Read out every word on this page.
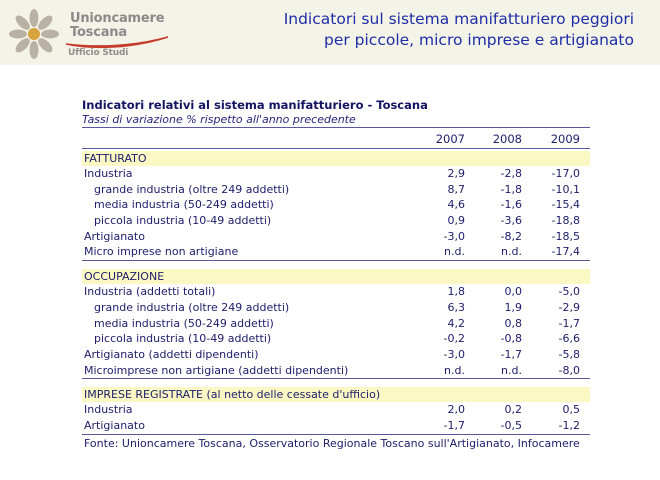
Unioncamere
Toscana
Ufficio Studi
Indicatori sul sistema manifatturiero peggiori
per piccole, micro imprese e artigianato
Indicatori relativi al sistema manifatturiero - Toscana
Tassi di variazione % rispetto all'anno precedente
2007	2008	2009
FATTURATO
Industria	2,9	-2,8	-17,0
grande industria (oltre 249 addetti)	8,7	-1,8	-10,1
media industria (50-249 addetti)	4,6	-1,6	-15,4
piccola industria (10-49 addetti)	0,9	-3,6	-18,8
Artigianato	-3,0	-8,2	-18,5
Micro imprese non artigiane	n.d.	n.d.	-17,4
OCCUPAZIONE
Industria (addetti totali)	1,8	0,0	-5,0
grande industria (oltre 249 addetti)	6,3	1,9	-2,9
media industria (50-249 addetti)	4,2	0,8	-1,7
piccola industria (10-49 addetti)	-0,2	-0,8	-6,6
Artigianato (addetti dipendenti)	-3,0	-1,7	-5,8
Microimprese non artigiane (addetti dipendenti)	n.d.	n.d.	-8,0
IMPRESE REGISTRATE (al netto delle cessate d'ufficio)
Industria	2,0	0,2	0,5
Artigianato	-1,7	-0,5	-1,2
Fonte: Unioncamere Toscana, Osservatorio Regionale Toscano sull'Artigianato, Infocamere
